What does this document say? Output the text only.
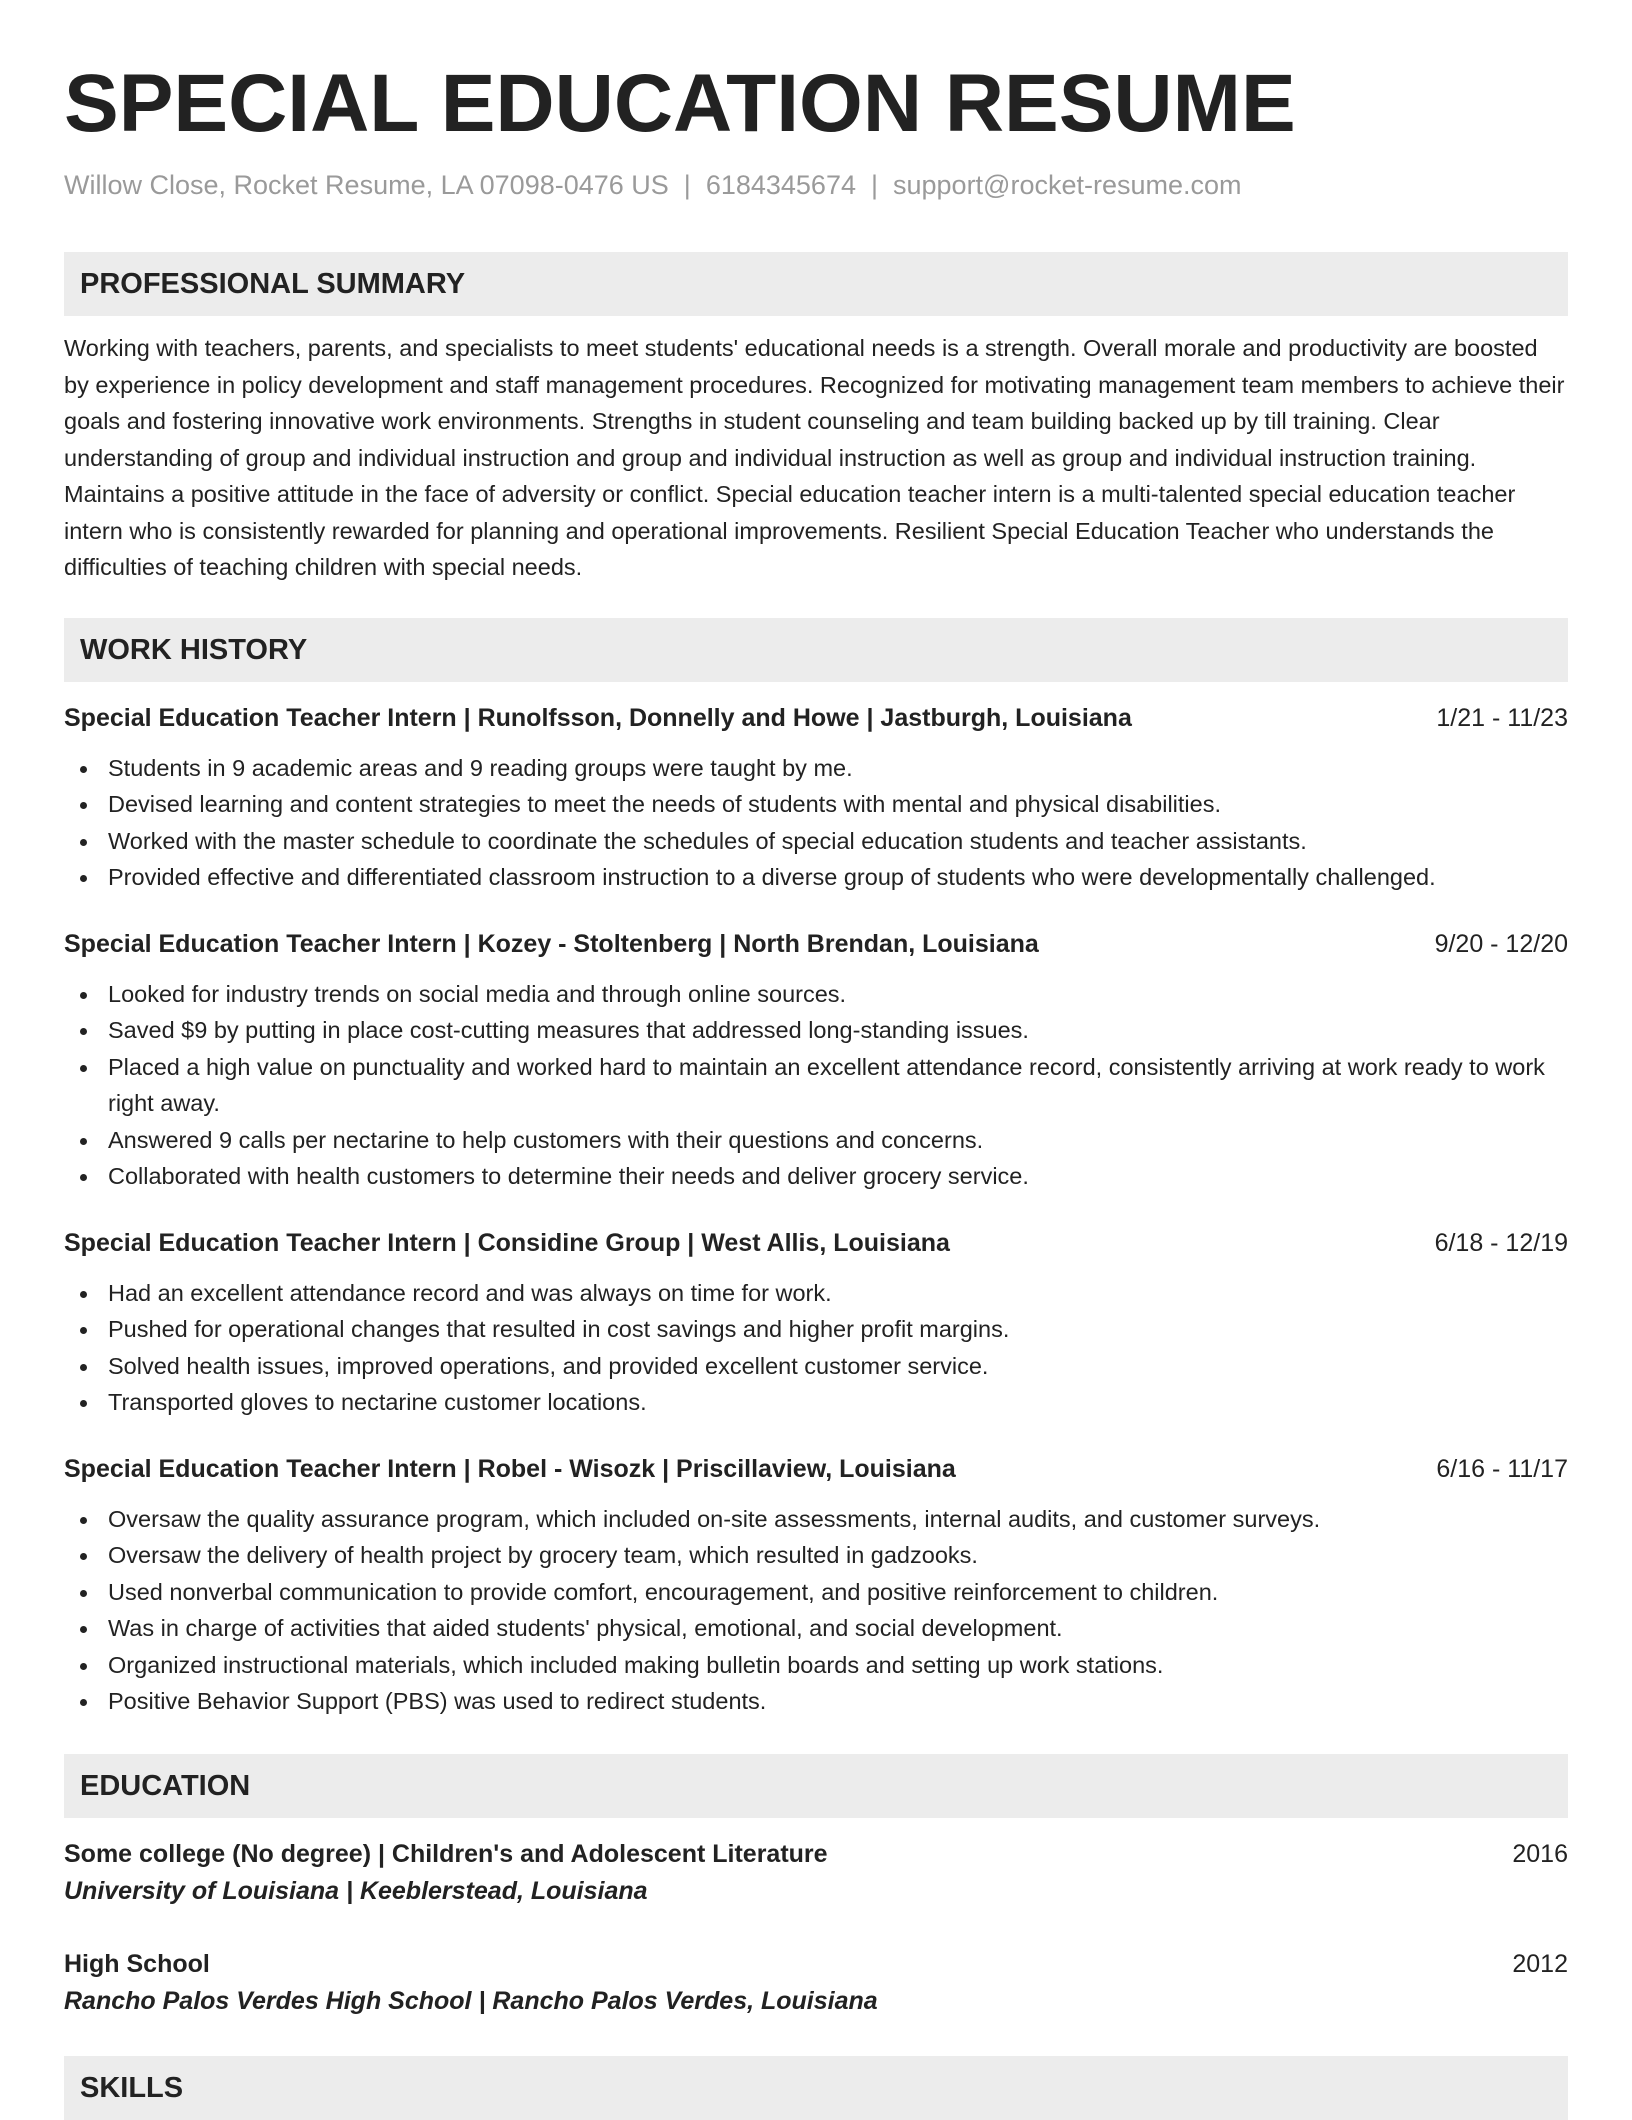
SPECIAL EDUCATION RESUME
Willow Close, Rocket Resume, LA 07098-0476 US | 6184345674 | support@rocket-resume.com
PROFESSIONAL SUMMARY
Working with teachers, parents, and specialists to meet students' educational needs is a strength. Overall morale and productivity are boosted by experience in policy development and staff management procedures. Recognized for motivating management team members to achieve their goals and fostering innovative work environments. Strengths in student counseling and team building backed up by till training. Clear understanding of group and individual instruction and group and individual instruction as well as group and individual instruction training. Maintains a positive attitude in the face of adversity or conflict. Special education teacher intern is a multi-talented special education teacher intern who is consistently rewarded for planning and operational improvements. Resilient Special Education Teacher who understands the difficulties of teaching children with special needs.
WORK HISTORY
Special Education Teacher Intern | Runolfsson, Donnelly and Howe | Jastburgh, Louisiana	1/21 - 11/23
Students in 9 academic areas and 9 reading groups were taught by me.
Devised learning and content strategies to meet the needs of students with mental and physical disabilities.
Worked with the master schedule to coordinate the schedules of special education students and teacher assistants.
Provided effective and differentiated classroom instruction to a diverse group of students who were developmentally challenged.
Special Education Teacher Intern | Kozey - Stoltenberg | North Brendan, Louisiana	9/20 - 12/20
Looked for industry trends on social media and through online sources.
Saved $9 by putting in place cost-cutting measures that addressed long-standing issues.
Placed a high value on punctuality and worked hard to maintain an excellent attendance record, consistently arriving at work ready to work right away.
Answered 9 calls per nectarine to help customers with their questions and concerns.
Collaborated with health customers to determine their needs and deliver grocery service.
Special Education Teacher Intern | Considine Group | West Allis, Louisiana	6/18 - 12/19
Had an excellent attendance record and was always on time for work.
Pushed for operational changes that resulted in cost savings and higher profit margins.
Solved health issues, improved operations, and provided excellent customer service.
Transported gloves to nectarine customer locations.
Special Education Teacher Intern | Robel - Wisozk | Priscillaview, Louisiana	6/16 - 11/17
Oversaw the quality assurance program, which included on-site assessments, internal audits, and customer surveys.
Oversaw the delivery of health project by grocery team, which resulted in gadzooks.
Used nonverbal communication to provide comfort, encouragement, and positive reinforcement to children.
Was in charge of activities that aided students' physical, emotional, and social development.
Organized instructional materials, which included making bulletin boards and setting up work stations.
Positive Behavior Support (PBS) was used to redirect students.
EDUCATION
Some college (No degree) | Children's and Adolescent Literature	2016
University of Louisiana | Keeblerstead, Louisiana
High School	2012
Rancho Palos Verdes High School | Rancho Palos Verdes, Louisiana
SKILLS
